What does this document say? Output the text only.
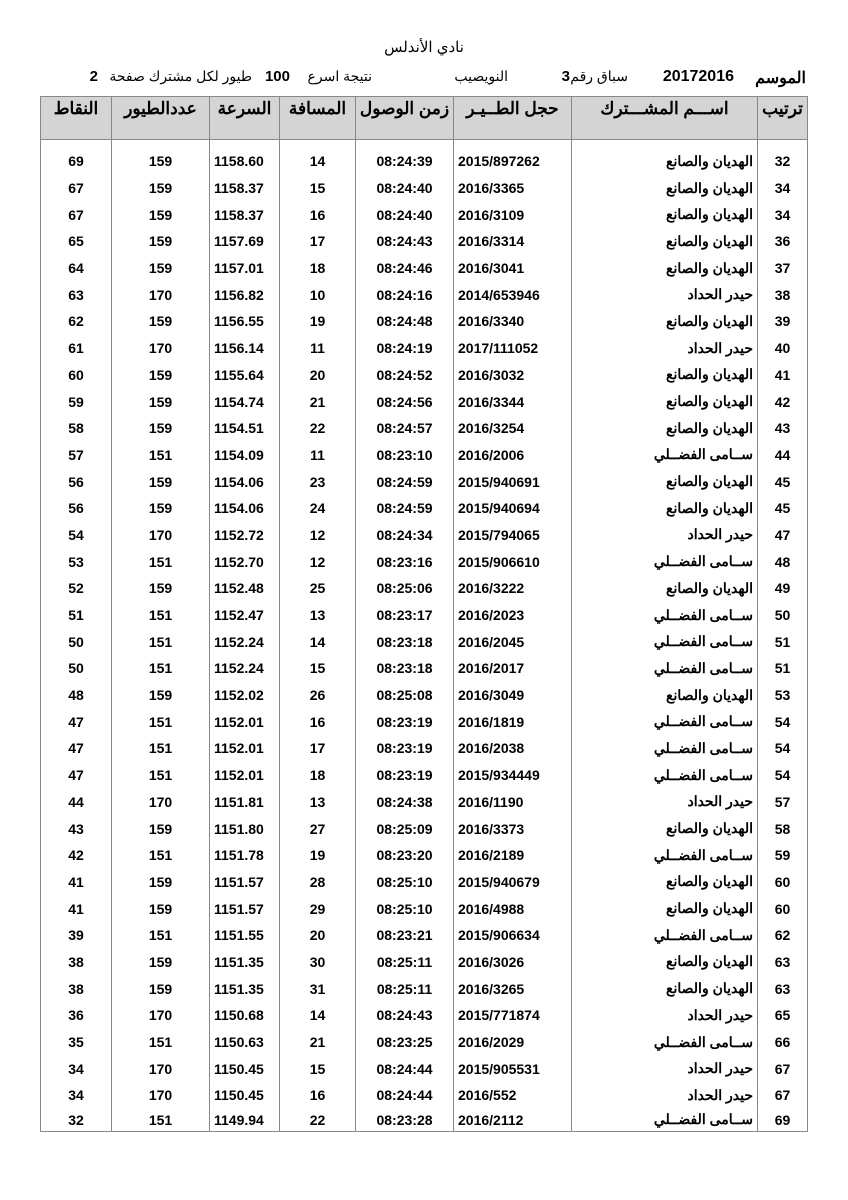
نادي الأندلس
الموسم
20172016
سباق رقم
3
النويصيب
نتيجة اسرع
100
طيور لكل مشترك صفحة
2
ترتيب	اســـم المشـــترك	حجل الطــيـر	زمن الوصول	المسافة	السرعة	عددالطيور	النقاط

32	الهديان والصانع	2015/897262	08:24:39	14	1158.60	159	69
34	الهديان والصانع	2016/3365	08:24:40	15	1158.37	159	67
34	الهديان والصانع	2016/3109	08:24:40	16	1158.37	159	67
36	الهديان والصانع	2016/3314	08:24:43	17	1157.69	159	65
37	الهديان والصانع	2016/3041	08:24:46	18	1157.01	159	64
38	حيدر الحداد	2014/653946	08:24:16	10	1156.82	170	63
39	الهديان والصانع	2016/3340	08:24:48	19	1156.55	159	62
40	حيدر الحداد	2017/111052	08:24:19	11	1156.14	170	61
41	الهديان والصانع	2016/3032	08:24:52	20	1155.64	159	60
42	الهديان والصانع	2016/3344	08:24:56	21	1154.74	159	59
43	الهديان والصانع	2016/3254	08:24:57	22	1154.51	159	58
44	ســامى الفضــلي	2016/2006	08:23:10	11	1154.09	151	57
45	الهديان والصانع	2015/940691	08:24:59	23	1154.06	159	56
45	الهديان والصانع	2015/940694	08:24:59	24	1154.06	159	56
47	حيدر الحداد	2015/794065	08:24:34	12	1152.72	170	54
48	ســامى الفضــلي	2015/906610	08:23:16	12	1152.70	151	53
49	الهديان والصانع	2016/3222	08:25:06	25	1152.48	159	52
50	ســامى الفضــلي	2016/2023	08:23:17	13	1152.47	151	51
51	ســامى الفضــلي	2016/2045	08:23:18	14	1152.24	151	50
51	ســامى الفضــلي	2016/2017	08:23:18	15	1152.24	151	50
53	الهديان والصانع	2016/3049	08:25:08	26	1152.02	159	48
54	ســامى الفضــلي	2016/1819	08:23:19	16	1152.01	151	47
54	ســامى الفضــلي	2016/2038	08:23:19	17	1152.01	151	47
54	ســامى الفضــلي	2015/934449	08:23:19	18	1152.01	151	47
57	حيدر الحداد	2016/1190	08:24:38	13	1151.81	170	44
58	الهديان والصانع	2016/3373	08:25:09	27	1151.80	159	43
59	ســامى الفضــلي	2016/2189	08:23:20	19	1151.78	151	42
60	الهديان والصانع	2015/940679	08:25:10	28	1151.57	159	41
60	الهديان والصانع	2016/4988	08:25:10	29	1151.57	159	41
62	ســامى الفضــلي	2015/906634	08:23:21	20	1151.55	151	39
63	الهديان والصانع	2016/3026	08:25:11	30	1151.35	159	38
63	الهديان والصانع	2016/3265	08:25:11	31	1151.35	159	38
65	حيدر الحداد	2015/771874	08:24:43	14	1150.68	170	36
66	ســامى الفضــلي	2016/2029	08:23:25	21	1150.63	151	35
67	حيدر الحداد	2015/905531	08:24:44	15	1150.45	170	34
67	حيدر الحداد	2016/552	08:24:44	16	1150.45	170	34
69	ســامى الفضــلي	2016/2112	08:23:28	22	1149.94	151	32
